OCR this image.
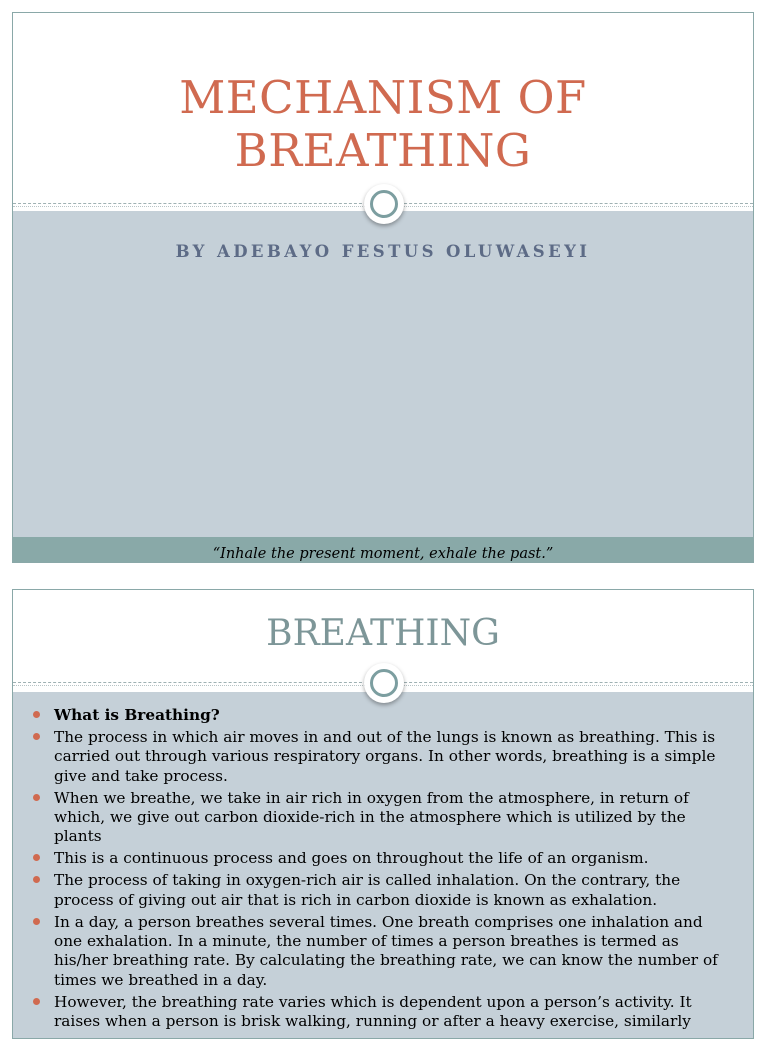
MECHANISM OF
BREATHING
BY ADEBAYO FESTUS OLUWASEYI
“Inhale the present moment, exhale the past.”
BREATHING
What is Breathing?
The process in which air moves in and out of the lungs is known as breathing. This is carried out through various respiratory organs. In other words, breathing is a simple give and take process.
When we breathe, we take in air rich in oxygen from the atmosphere, in return of which, we give out carbon dioxide-rich in the atmosphere which is utilized by the plants
This is a continuous process and goes on throughout the life of an organism.
The process of taking in oxygen-rich air is called inhalation. On the contrary, the process of giving out air that is rich in carbon dioxide is known as exhalation.
In a day, a person breathes several times. One breath comprises one inhalation and one exhalation. In a minute, the number of times a person breathes is termed as his/her breathing rate. By calculating the breathing rate, we can know the number of times we breathed in a day.
However, the breathing rate varies which is dependent upon a person’s activity. It raises when a person is brisk walking, running or after a heavy exercise, similarly
